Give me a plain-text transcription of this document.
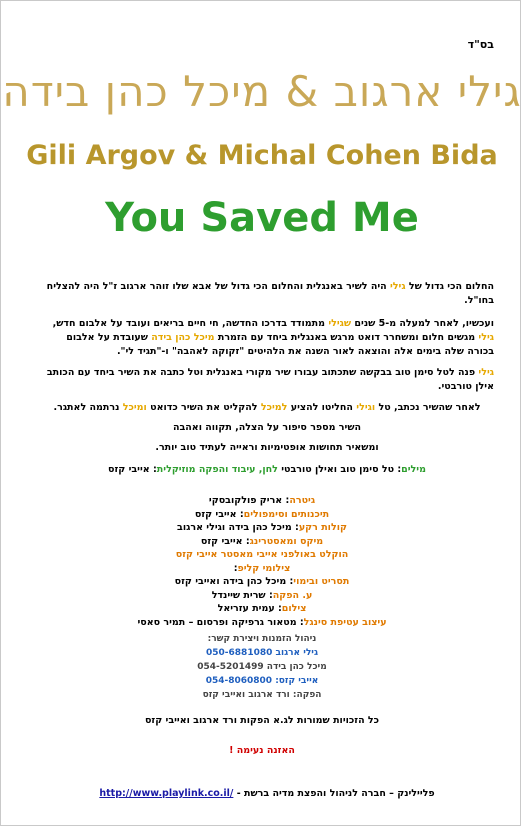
בס"ד
גילי ארגוב & מיכל כהן בידה
Gili Argov & Michal Cohen Bida
You Saved Me
החלום הכי גדול של גילי היה לשיר באנגלית והחלום הכי גדול של אבא שלו זוהר ארגוב ז"ל היה להצליח בחו"ל.
ועכשיו, לאחר למעלה מ-5 שנים שגילי מתמודד בדרכו החדשה, חי חיים בריאים ועובד על אלבום חדש, גילי מגשים חלום ומשחרר דואט מרגש באנגלית ביחד עם הזמרת מיכל כהן בידה שעובדת על אלבום בכורה שלה בימים אלה והוצאה לאור השנה את הלהיטים "זקוקה לאהבה" ו-"תגיד לי".
גילי פנה לטל סימן טוב בבקשה שתכתוב עבורו שיר מקורי באנגלית וטל כתבה את השיר ביחד עם הכותב אילן טורבטי.
לאחר שהשיר נכתב, טל וגילי החליטו להציע למיכל להקליט את השיר כדואט ומיכל נרתמה לאתגר.
השיר מספר סיפור על הצלה, תקווה ואהבה
ומשאיר תחושות אופטימיות וראייה לעתיד טוב יותר.
מילים: טל סימן טוב ואילן טורבטי לחן, עיבוד והפקה מוזיקלית: אייבי קזס
גיטרה: אריק פולקובסקי
תיכנותים וסימפולים: אייבי קזס
קולות רקע: מיכל כהן בידה וגילי ארגוב
מיקס ומאסטרינג: אייבי קזס
הוקלט באולפני אייבי מאסטר אייבי קזס
צילומי קליפ:
תסריט ובימוי: מיכל כהן בידה ואייבי קזס
ע. הפקה: שרית שיינדל
צילום: עמית עזריאל
עיצוב עטיפת סינגל: מטאור גרפיקה ופרסום – תמיר סאסי
ניהול הזמנות ויצירת קשר:
גילי ארגוב 050-6881080
מיכל כהן בידה 054-5201499
אייבי קזס: 054-8060800
הפקה: ורד ארגוב ואייבי קזס
כל הזכויות שמורות לג.א הפקות ורד ארגוב ואייבי קזס
האזנה נעימה !
פליילינק – חברה לניהול והפצת מדיה ברשת - http://www.playlink.co.il/
